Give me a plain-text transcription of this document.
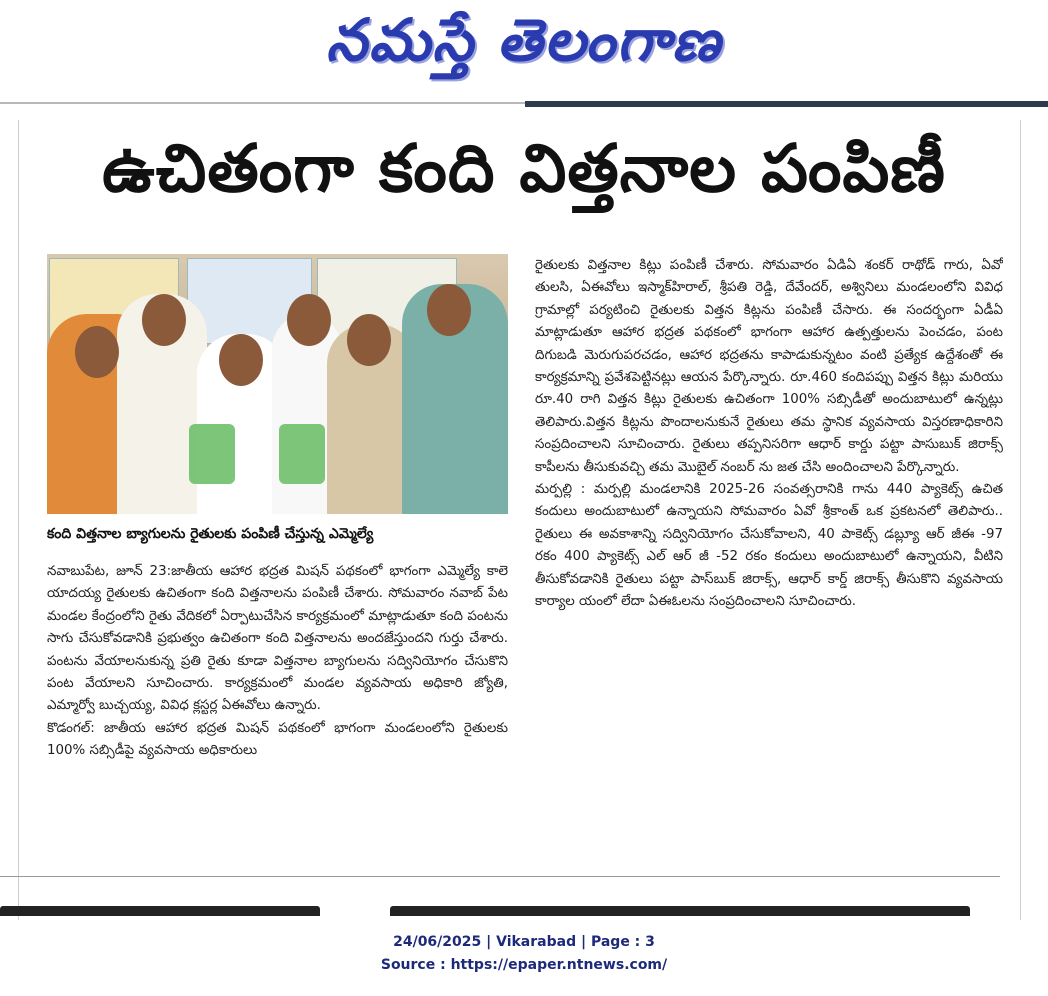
నమస్తే తెలంగాణ
ఉచితంగా కంది విత్తనాల పంపిణీ
కంది విత్తనాల బ్యాగులను రైతులకు పంపిణీ చేస్తున్న ఎమ్మెల్యే

నవాబుపేట, జూన్ 23:జాతీయ ఆహార భద్రత మిషన్ పథకంలో భాగంగా ఎమ్మెల్యే కాలె యాదయ్య రైతులకు ఉచితంగా కంది విత్తనాలను పంపిణీ చేశారు. సోమవారం నవాబ్ పేట మండల కేంద్రంలోని రైతు వేదికలో ఏర్పాటుచేసిన కార్యక్రమంలో మాట్లాడుతూ కంది పంటను సాగు చేసుకోవడానికి ప్రభుత్వం ఉచితంగా కంది విత్తనాలను అందజేస్తుందని గుర్తు చేశారు. పంటను వేయాలనుకున్న ప్రతి రైతు కూడా విత్తనాల బ్యాగులను సద్వినియోగం చేసుకొని పంట వేయాలని సూచించారు. కార్యక్రమంలో మండల వ్యవసాయ అధికారి జ్యోతి, ఎమ్మార్వో బుచ్చయ్య, వివిధ క్లస్టర్ల ఏఈవోలు ఉన్నారు.

కొడంగల్: జాతీయ ఆహార భద్రత మిషన్ పథకంలో భాగంగా మండలంలోని రైతులకు 100% సబ్సిడీపై వ్యవసాయ అధికారులు

రైతులకు విత్తనాల కిట్లు పంపిణీ చేశారు. సోమవారం ఏడిఏ శంకర్ రాథోడ్ గారు, ఏవో తులసి, ఏఈవోలు ఇస్మాక్‌హిరాల్, శ్రీపతి రెడ్డి, దేవేందర్, అశ్వినిలు మండలంలోని వివిధ గ్రామాల్లో పర్యటించి రైతులకు విత్తన కిట్లను పంపిణీ చేసారు. ఈ సందర్భంగా ఏడీఏ మాట్లాడుతూ ఆహార భద్రత పథకంలో భాగంగా ఆహార ఉత్పత్తులను పెంచడం, పంట దిగుబడి మెరుగుపరచడం, ఆహార భద్రతను కాపాడుకున్నటం వంటి ప్రత్యేక ఉద్దేశంతో ఈ కార్యక్రమాన్ని ప్రవేశపెట్టినట్లు ఆయన పేర్కొన్నారు. రూ.460 కందిపప్పు విత్తన కిట్లు మరియు రూ.40 రాగి విత్తన కిట్లు రైతులకు ఉచితంగా 100% సబ్సిడీతో అందుబాటులో ఉన్నట్లు తెలిపారు.విత్తన కిట్లను పొందాలనుకునే రైతులు తమ స్థానిక వ్యవసాయ విస్తరణాధికారిని సంప్రదించాలని సూచించారు. రైతులు తప్పనిసరిగా ఆధార్ కార్డు పట్టా పాసుబుక్ జిరాక్స్ కాపీలను తీసుకువచ్చి తమ మొబైల్ నంబర్ ను జత చేసి అందించాలని పేర్కొన్నారు.

మర్పల్లి : మర్పల్లి మండలానికి 2025-26 సంవత్సరానికి గాను 440 ప్యాకెట్స్ ఉచిత కందులు అందుబాటులో ఉన్నాయని సోమవారం ఏవో శ్రీకాంత్ ఒక ప్రకటనలో తెలిపారు.. రైతులు ఈ అవకాశాన్ని సద్వినియోగం చేసుకోవాలని, 40 పాకెట్స్ డబ్ల్యూ ఆర్ జీఈ -97 రకం 400 ప్యాకెట్స్ ఎల్ ఆర్ జీ -52 రకం కందులు అందుబాటులో ఉన్నాయని, వీటిని తీసుకోవడానికి రైతులు పట్టా పాస్‌బుక్ జిరాక్స్, ఆధార్ కార్డ్ జిరాక్స్ తీసుకొని వ్యవసాయ కార్యాల యంలో లేదా ఏఈఓలను సంప్రదించాలని సూచించారు.

24/06/2025 | Vikarabad | Page : 3
Source : https://epaper.ntnews.com/
